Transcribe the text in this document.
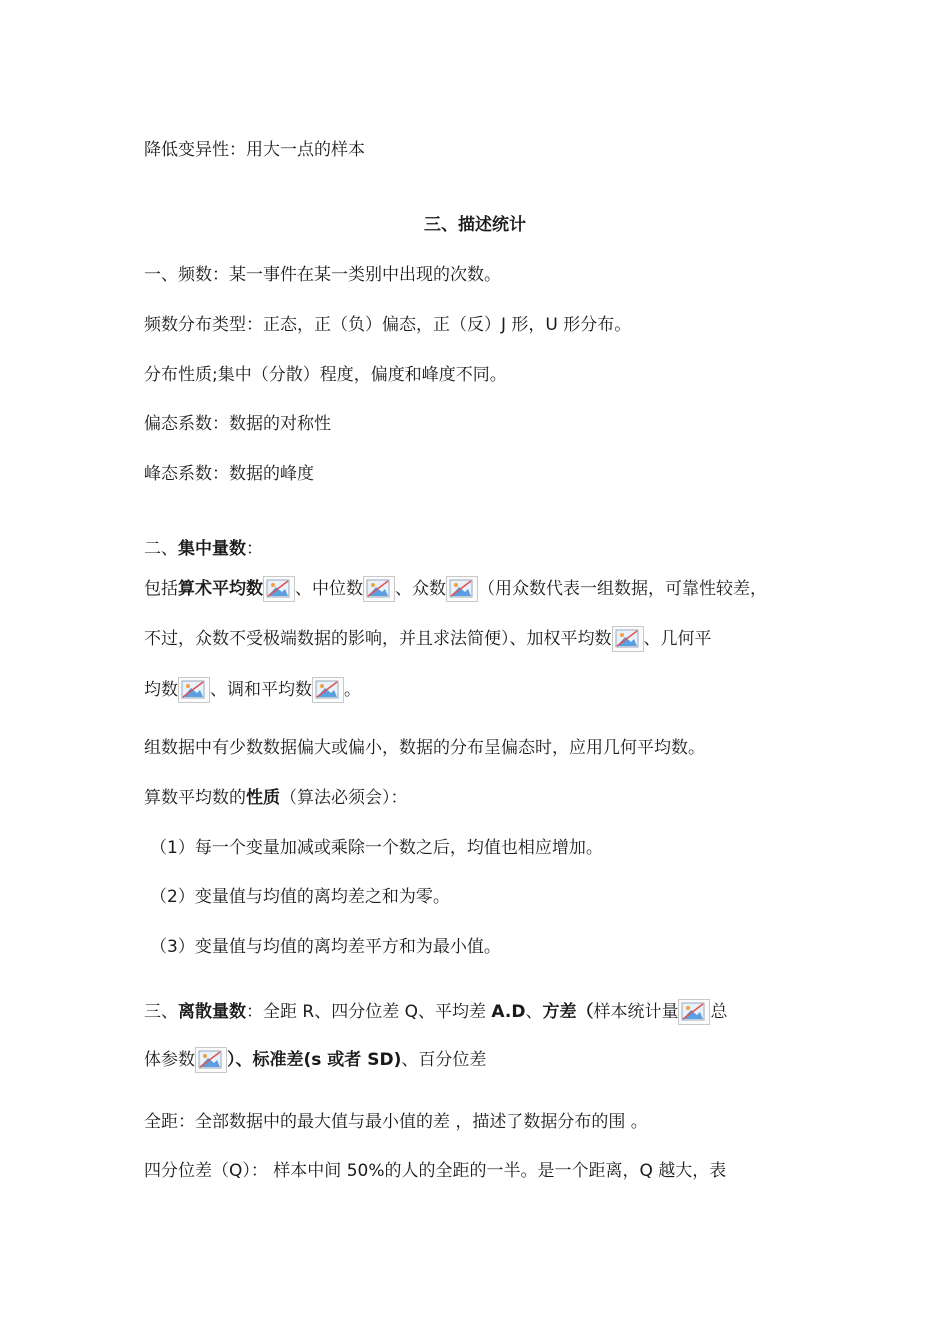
降低变异性：用大一点的样本
三、描述统计
一、频数：某一事件在某一类别中出现的次数。
频数分布类型：正态，正（负）偏态，正（反）J 形，U 形分布。
分布性质;集中（分散）程度，偏度和峰度不同。
偏态系数：数据的对称性
峰态系数：数据的峰度
二、集中量数：
包括算术平均数 、中位数 、众数 （用众数代表一组数据，可靠性较差，
不过，众数不受极端数据的影响，并且求法简便）、加权平均数 、几何平
均数 、调和平均数 。
组数据中有少数数据偏大或偏小，数据的分布呈偏态时，应用几何平均数。
算数平均数的性质（算法必须会）：
（1）每一个变量加减或乘除一个数之后，均值也相应增加。
（2）变量值与均值的离均差之和为零。
（3）变量值与均值的离均差平方和为最小值。
三、离散量数：全距 R、四分位差 Q、平均差 A.D、方差（样本统计量 总
体参数 ）、标准差(s 或者 SD)、百分位差
全距：全部数据中的最大值与最小值的差 ，描述了数据分布的围 。
四分位差（Q）： 样本中间 50%的人的全距的一半。是一个距离，Q 越大，表
